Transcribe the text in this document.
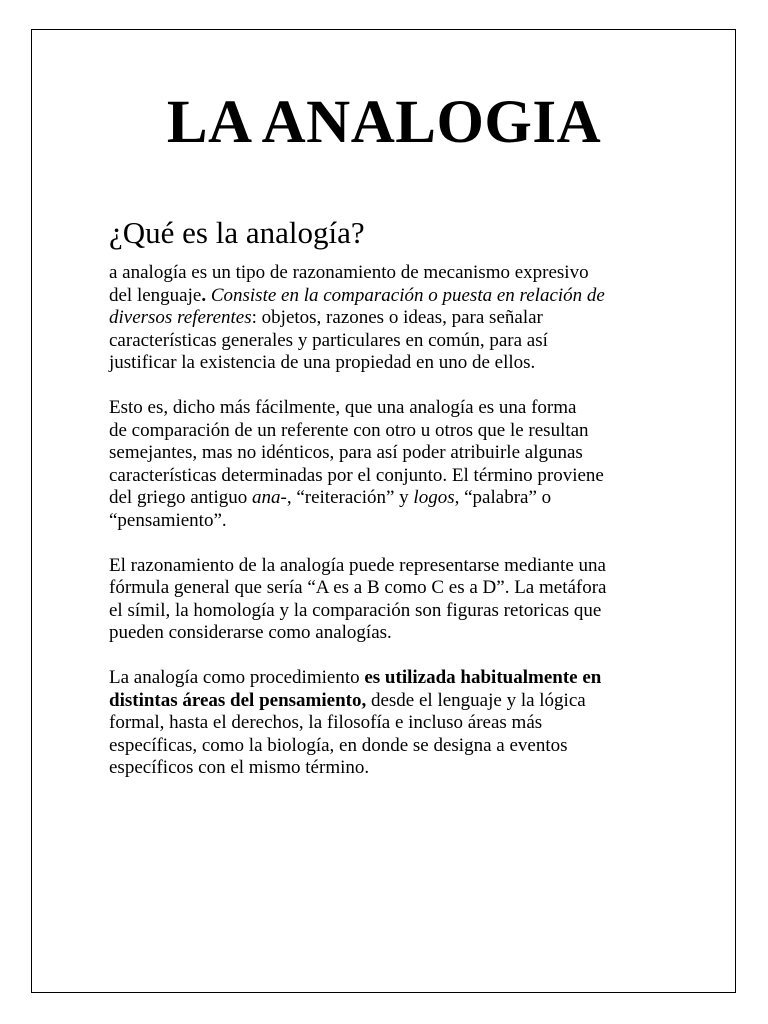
LA ANALOGIA
¿Qué es la analogía?

a analogía es un tipo de razonamiento de mecanismo expresivo
del lenguaje. Consiste en la comparación o puesta en relación de
diversos referentes: objetos, razones o ideas, para señalar
características generales y particulares en común, para así
justificar la existencia de una propiedad en uno de ellos.

Esto es, dicho más fácilmente, que una analogía es una forma
de comparación de un referente con otro u otros que le resultan
semejantes, mas no idénticos, para así poder atribuirle algunas
características determinadas por el conjunto. El término proviene
del griego antiguo ana-, “reiteración” y logos, “palabra” o
“pensamiento”.

El razonamiento de la analogía puede representarse mediante una
fórmula general que sería “A es a B como C es a D”. La metáfora
el símil, la homología y la comparación son figuras retoricas que
pueden considerarse como analogías.

La analogía como procedimiento es utilizada habitualmente en
distintas áreas del pensamiento, desde el lenguaje y la lógica
formal, hasta el derechos, la filosofía e incluso áreas más
específicas, como la biología, en donde se designa a eventos
específicos con el mismo término.
